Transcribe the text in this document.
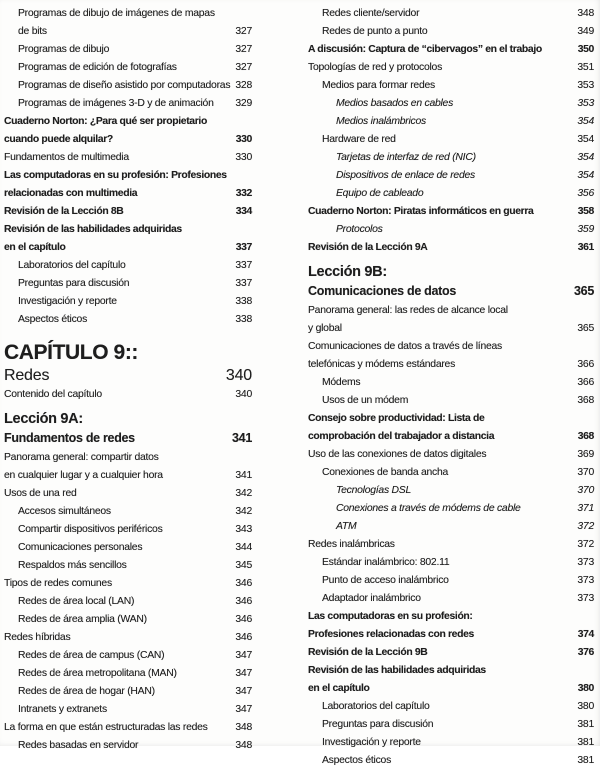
Programas de dibujo de imágenes de mapas
de bits	327
Programas de dibujo	327
Programas de edición de fotografías	327
Programas de diseño asistido por computadoras 328
Programas de imágenes 3-D y de animación 329
Cuaderno Norton: ¿Para qué ser propietario
cuando puede alquilar?	330
Fundamentos de multimedia	330
Las computadoras en su profesión: Profesiones
relacionadas con multimedia	332
Revisión de la Lección 8B	334
Revisión de las habilidades adquiridas
en el capítulo	337
Laboratorios del capítulo	337
Preguntas para discusión	337
Investigación y reporte	338
Aspectos éticos	338
CAPÍTULO 9::
Redes	340
Contenido del capítulo	340
Lección 9A:
Fundamentos de redes	341
Panorama general: compartir datos
en cualquier lugar y a cualquier hora	341
Usos de una red	342
Accesos simultáneos	342
Compartir dispositivos periféricos	343
Comunicaciones personales	344
Respaldos más sencillos	345
Tipos de redes comunes	346
Redes de área local (LAN)	346
Redes de área amplia (WAN)	346
Redes híbridas	346
Redes de área de campus (CAN)	347
Redes de área metropolitana (MAN)	347
Redes de área de hogar (HAN)	347
Intranets y extranets	347
La forma en que están estructuradas las redes	348
Redes basadas en servidor	348
Redes cliente/servidor	348
Redes de punto a punto	349
A discusión: Captura de “cibervagos” en el trabajo	350
Topologías de red y protocolos	351
Medios para formar redes	353
Medios basados en cables	353
Medios inalámbricos	354
Hardware de red	354
Tarjetas de interfaz de red (NIC)	354
Dispositivos de enlace de redes	354
Equipo de cableado	356
Cuaderno Norton: Piratas informáticos en guerra	358
Protocolos	359
Revisión de la Lección 9A	361
Lección 9B:
Comunicaciones de datos	365
Panorama general: las redes de alcance local
y global	365
Comunicaciones de datos a través de líneas
telefónicas y módems estándares	366
Módems	366
Usos de un módem	368
Consejo sobre productividad: Lista de
comprobación del trabajador a distancia	368
Uso de las conexiones de datos digitales	369
Conexiones de banda ancha	370
Tecnologías DSL	370
Conexiones a través de módems de cable	371
ATM	372
Redes inalámbricas	372
Estándar inalámbrico: 802.11	373
Punto de acceso inalámbrico	373
Adaptador inalámbrico	373
Las computadoras en su profesión:
Profesiones relacionadas con redes	374
Revisión de la Lección 9B	376
Revisión de las habilidades adquiridas
en el capítulo	380
Laboratorios del capítulo	380
Preguntas para discusión	381
Investigación y reporte	381
Aspectos éticos	381
